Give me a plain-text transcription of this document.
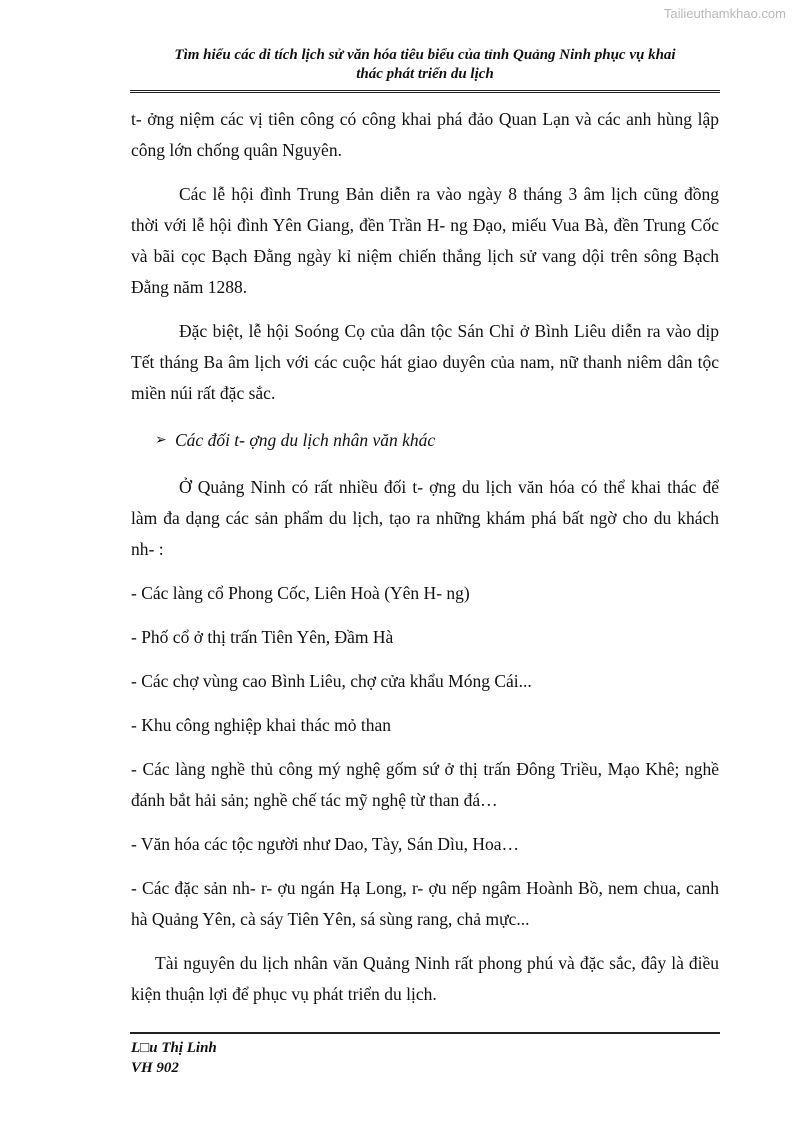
Tailieuthamkhao.com
Tìm hiểu các di tích lịch sử văn hóa tiêu biểu của tỉnh Quảng Ninh phục vụ khai
thác phát triển du lịch

t- ởng niệm các vị tiên công có công khai phá đảo Quan Lạn và các anh hùng lập công lớn chống quân Nguyên.

Các lễ hội đình Trung Bản diễn ra vào ngày 8 tháng 3 âm lịch cũng đồng thời với lễ hội đình Yên Giang, đền Trần H- ng Đạo, miếu Vua Bà, đền Trung Cốc và bãi cọc Bạch Đằng ngày kỉ niệm chiến thắng lịch sử vang dội trên sông Bạch Đằng năm 1288.

Đặc biệt, lễ hội Soóng Cọ của dân tộc Sán Chỉ ở Bình Liêu diễn ra vào dịp Tết tháng Ba âm lịch với các cuộc hát giao duyên của nam, nữ thanh niêm dân tộc miền núi rất đặc sắc.

➢ Các đối t- ợng du lịch nhân văn khác

Ở Quảng Ninh có rất nhiều đối t- ợng du lịch văn hóa có thể khai thác để làm đa dạng các sản phẩm du lịch, tạo ra những khám phá bất ngờ cho du khách nh- :

- Các làng cổ Phong Cốc, Liên Hoà (Yên H- ng)

- Phố cổ ở thị trấn Tiên Yên, Đầm Hà

- Các chợ vùng cao Bình Liêu, chợ cửa khẩu Móng Cái...

- Khu công nghiệp khai thác mỏ than

- Các làng nghề thủ công mý nghệ gốm sứ ở thị trấn Đông Triều, Mạo Khê; nghề đánh bắt hải sản; nghề chế tác mỹ nghệ từ than đá…

- Văn hóa các tộc người như Dao, Tày, Sán Dìu, Hoa…

- Các đặc sản nh- r- ợu ngán Hạ Long, r- ợu nếp ngâm Hoành Bồ, nem chua, canh hà Quảng Yên, cà sáy Tiên Yên, sá sùng rang, chả mực...

Tài nguyên du lịch nhân văn Quảng Ninh rất phong phú và đặc sắc, đây là điều kiện thuận lợi để phục vụ phát triển du lịch.

L□u Thị Linh
VH 902
